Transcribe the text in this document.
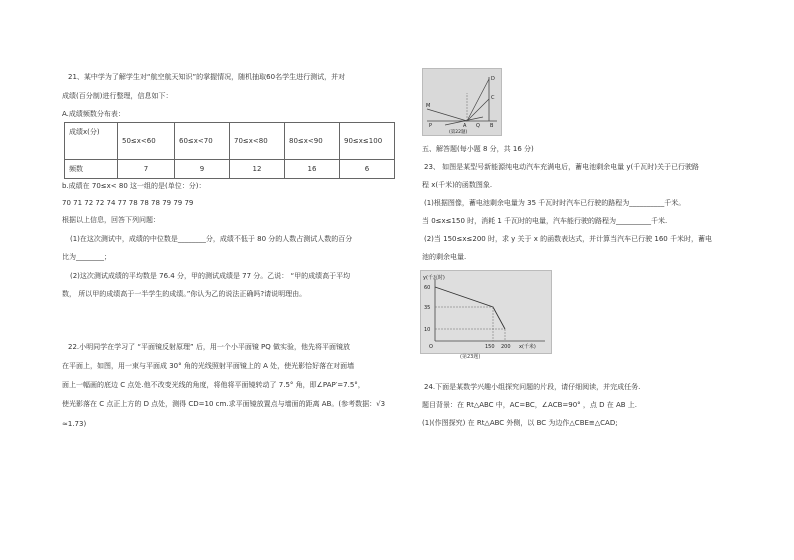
21、某中学为了解学生对“航空航天知识”的掌握情况，随机抽取60名学生进行测试，并对
成绩(百分制)进行整理，信息如下：
A.成绩频数分布表：
成绩x(分)	50≤x<60	60≤x<70	70≤x<80	80≤x<90	90≤x≤100
频数	7	9	12	16	6
b.成绩在 70≤x< 80 这一组的是(单位：分)：
70 71 72 72 74 77 78 78 78 79 79 79
根据以上信息，回答下列问题：
(1)在这次测试中，成绩的中位数是________分，成绩不低于 80 分的人数占测试人数的百分
比为________；
(2)这次测试成绩的平均数是 76.4 分，甲的测试成绩是 77 分。乙说： “甲的成绩高于平均
数， 所以甲的成绩高于一半学生的成绩。”你认为乙的说法正确吗?请说明理由。
22.小明同学在学习了 “平面镜反射原理” 后，用一个小平面镜 PQ 做实验，他先将平面镜放
在平面上，如图，用一束与平面成 30° 角的光线照射平面镜上的 A 处，使光影恰好落在对面墙
面上一幅画的底边 C 点处.他不改变光线的角度，将他将平面镜转动了 7.5° 角，即∠PAP′=7.5°，
使光影落在 C 点正上方的 D 点处，测得 CD=10 cm.求平面镜放置点与墙面的距离 AB。(参考数据：√3
≈1.73)
M
P	A Q B
C
D
(第22题)
五、解答题(每小题 8 分，共 16 分)
23、 如图是某型号新能源纯电动汽车充满电后，蓄电池剩余电量 y(千瓦时)关于已行驶路
程 x(千米)的函数图象.
(1)根据图像，蓄电池剩余电量为 35 千瓦时时汽车已行驶的路程为__________千米。
当 0≤x≤150 时，消耗 1 千瓦时的电量，汽车能行驶的路程为__________千米.
(2)当 150≤x≤200 时，求 y 关于 x 的函数表达式，并计算当汽车已行驶 160 千米时，蓄电
池的剩余电量.
y(千瓦时)
60
35
10
150 200 x(千米)
O
(第23题)
24.下面是某数学兴趣小组探究问题的片段，请仔细阅读，并完成任务.
题目背景：在 Rt△ABC 中，AC=BC，∠ACB=90° ，点 D 在 AB 上.
(1)(作图探究) 在 Rt△ABC 外侧，以 BC 为边作△CBE≌△CAD;
